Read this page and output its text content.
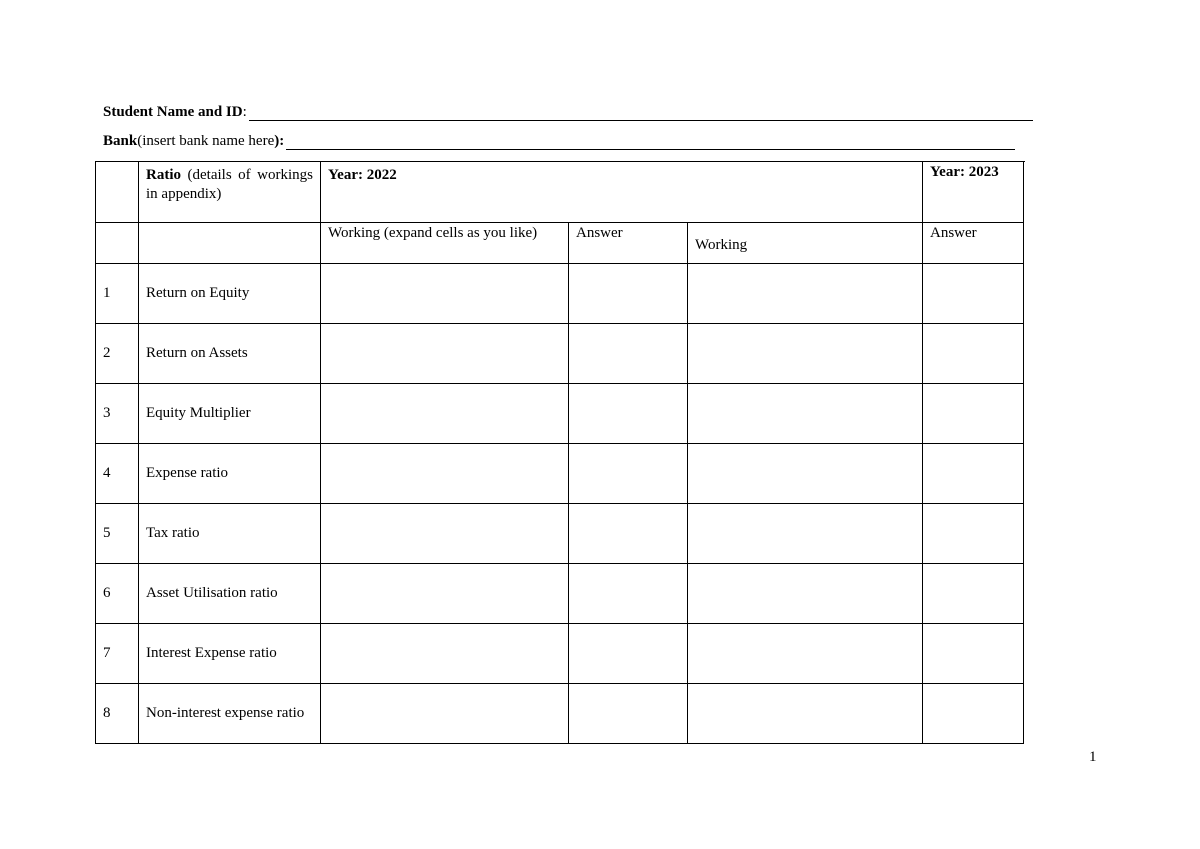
Student Name and ID :
Bank (insert bank name here ):
	Ratio (details of workings in appendix)	Year: 2022			Year: 2023
		Working (expand cells as you like)	Answer	Working	Answer
1	Return on Equity				
2	Return on Assets				
3	Equity Multiplier				
4	Expense ratio				
5	Tax ratio				
6	Asset Utilisation ratio				
7	Interest Expense ratio				
8	Non-interest expense ratio				
1
